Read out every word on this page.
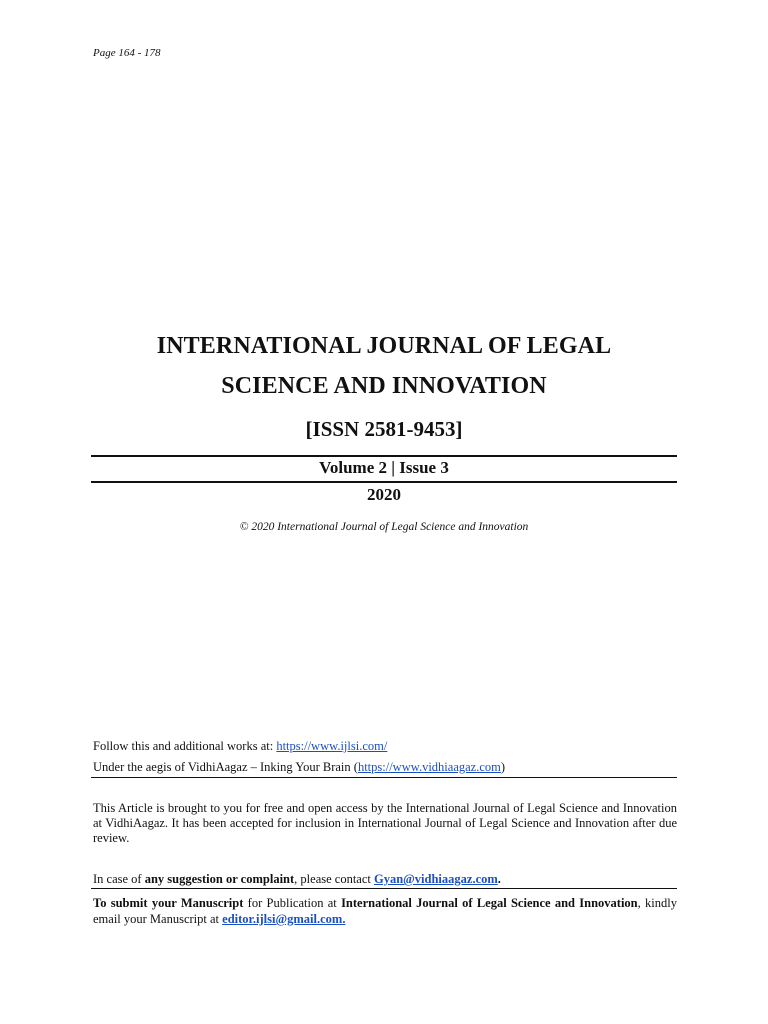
Page 164 - 178
INTERNATIONAL JOURNAL OF LEGAL
SCIENCE AND INNOVATION
[ISSN 2581-9453]
Volume 2 | Issue 3
2020
© 2020 International Journal of Legal Science and Innovation
Follow this and additional works at: https://www.ijlsi.com/
Under the aegis of VidhiAagaz – Inking Your Brain (https://www.vidhiaagaz.com)
This Article is brought to you for free and open access by the International Journal of Legal Science and Innovation at VidhiAagaz. It has been accepted for inclusion in International Journal of Legal Science and Innovation after due review.
In case of any suggestion or complaint, please contact Gyan@vidhiaagaz.com.
To submit your Manuscript for Publication at International Journal of Legal Science and Innovation, kindly email your Manuscript at editor.ijlsi@gmail.com.
